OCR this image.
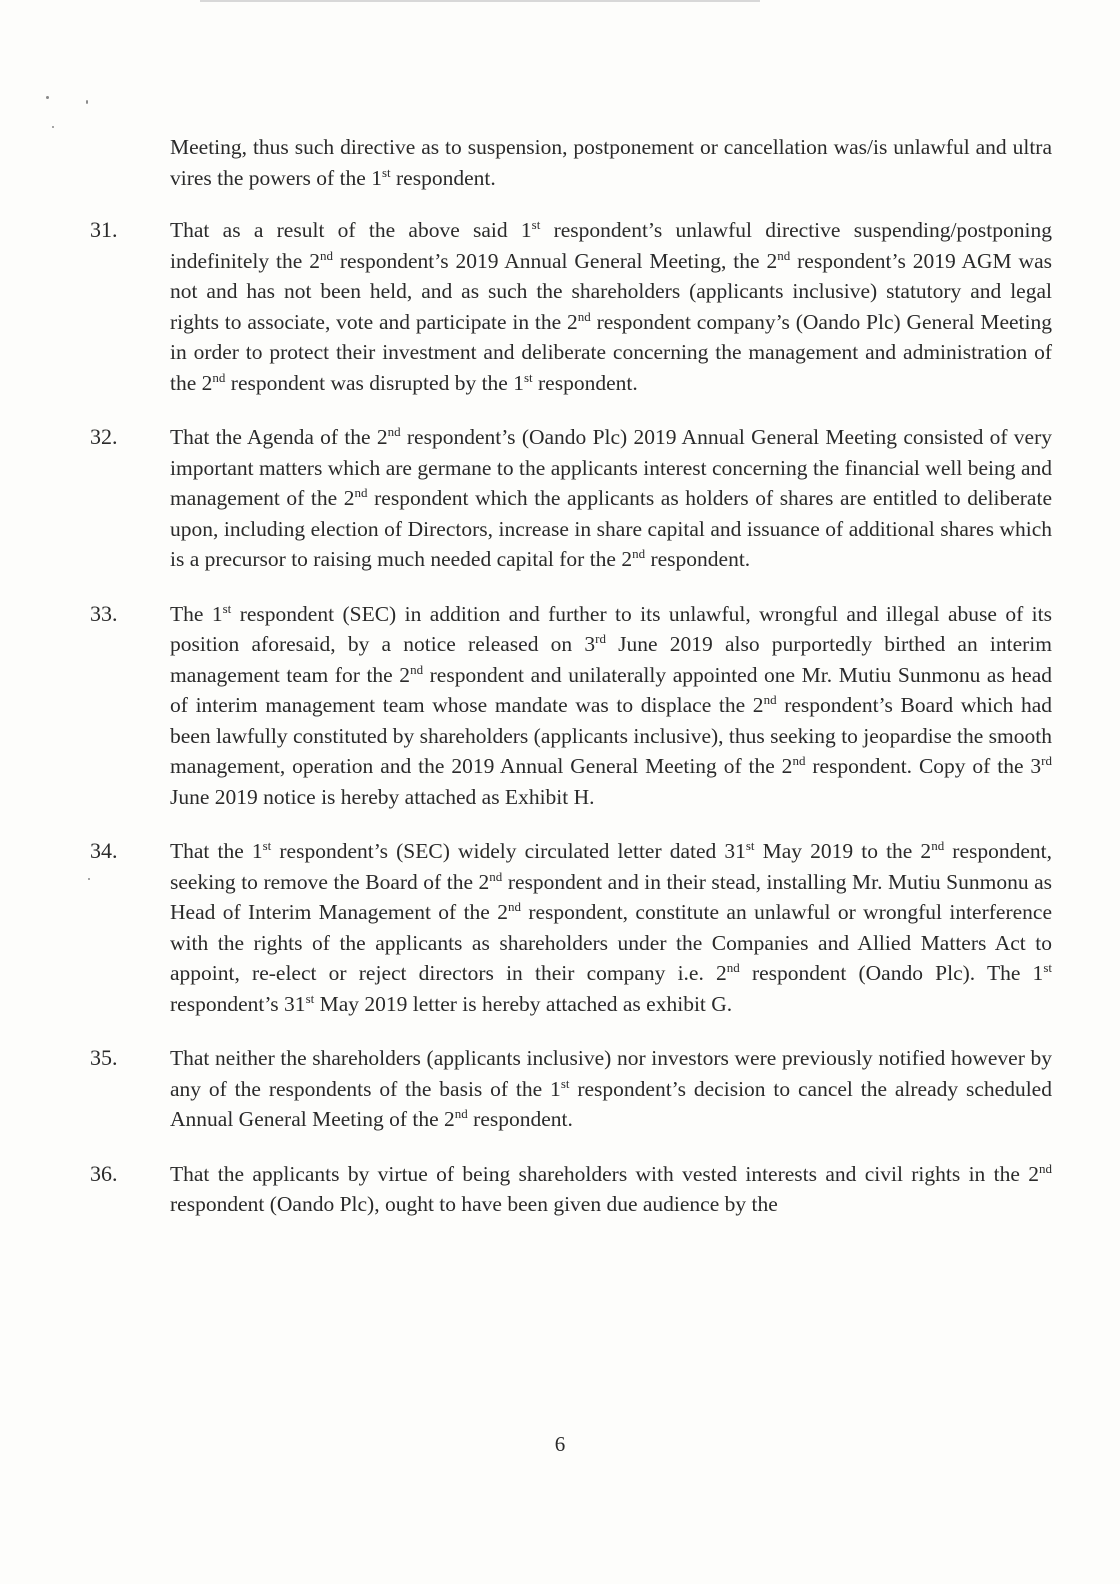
Meeting, thus such directive as to suspension, postponement or cancellation was/is unlawful and ultra vires the powers of the 1st respondent.
31.	That as a result of the above said 1st respondent’s unlawful directive suspending/postponing indefinitely the 2nd respondent’s 2019 Annual General Meeting, the 2nd respondent’s 2019 AGM was not and has not been held, and as such the shareholders (applicants inclusive) statutory and legal rights to associate, vote and participate in the 2nd respondent company’s (Oando Plc) General Meeting in order to protect their investment and deliberate concerning the management and administration of the 2nd respondent was disrupted by the 1st respondent.
32.	That the Agenda of the 2nd respondent’s (Oando Plc) 2019 Annual General Meeting consisted of very important matters which are germane to the applicants interest concerning the financial well being and management of the 2nd respondent which the applicants as holders of shares are entitled to deliberate upon, including election of Directors, increase in share capital and issuance of additional shares which is a precursor to raising much needed capital for the 2nd respondent.
33.	The 1st respondent (SEC) in addition and further to its unlawful, wrongful and illegal abuse of its position aforesaid, by a notice released on 3rd June 2019 also purportedly birthed an interim management team for the 2nd respondent and unilaterally appointed one Mr. Mutiu Sunmonu as head of interim management team whose mandate was to displace the 2nd respondent’s Board which had been lawfully constituted by shareholders (applicants inclusive), thus seeking to jeopardise the smooth management, operation and the 2019 Annual General Meeting of the 2nd respondent. Copy of the 3rd June 2019 notice is hereby attached as Exhibit H.
34.	That the 1st respondent’s (SEC) widely circulated letter dated 31st May 2019 to the 2nd respondent, seeking to remove the Board of the 2nd respondent and in their stead, installing Mr. Mutiu Sunmonu as Head of Interim Management of the 2nd respondent, constitute an unlawful or wrongful interference with the rights of the applicants as shareholders under the Companies and Allied Matters Act to appoint, re-elect or reject directors in their company i.e. 2nd respondent (Oando Plc). The 1st respondent’s 31st May 2019 letter is hereby attached as exhibit G.
35.	That neither the shareholders (applicants inclusive) nor investors were previously notified however by any of the respondents of the basis of the 1st respondent’s decision to cancel the already scheduled Annual General Meeting of the 2nd respondent.
36.	That the applicants by virtue of being shareholders with vested interests and civil rights in the 2nd respondent (Oando Plc), ought to have been given due audience by the
6
